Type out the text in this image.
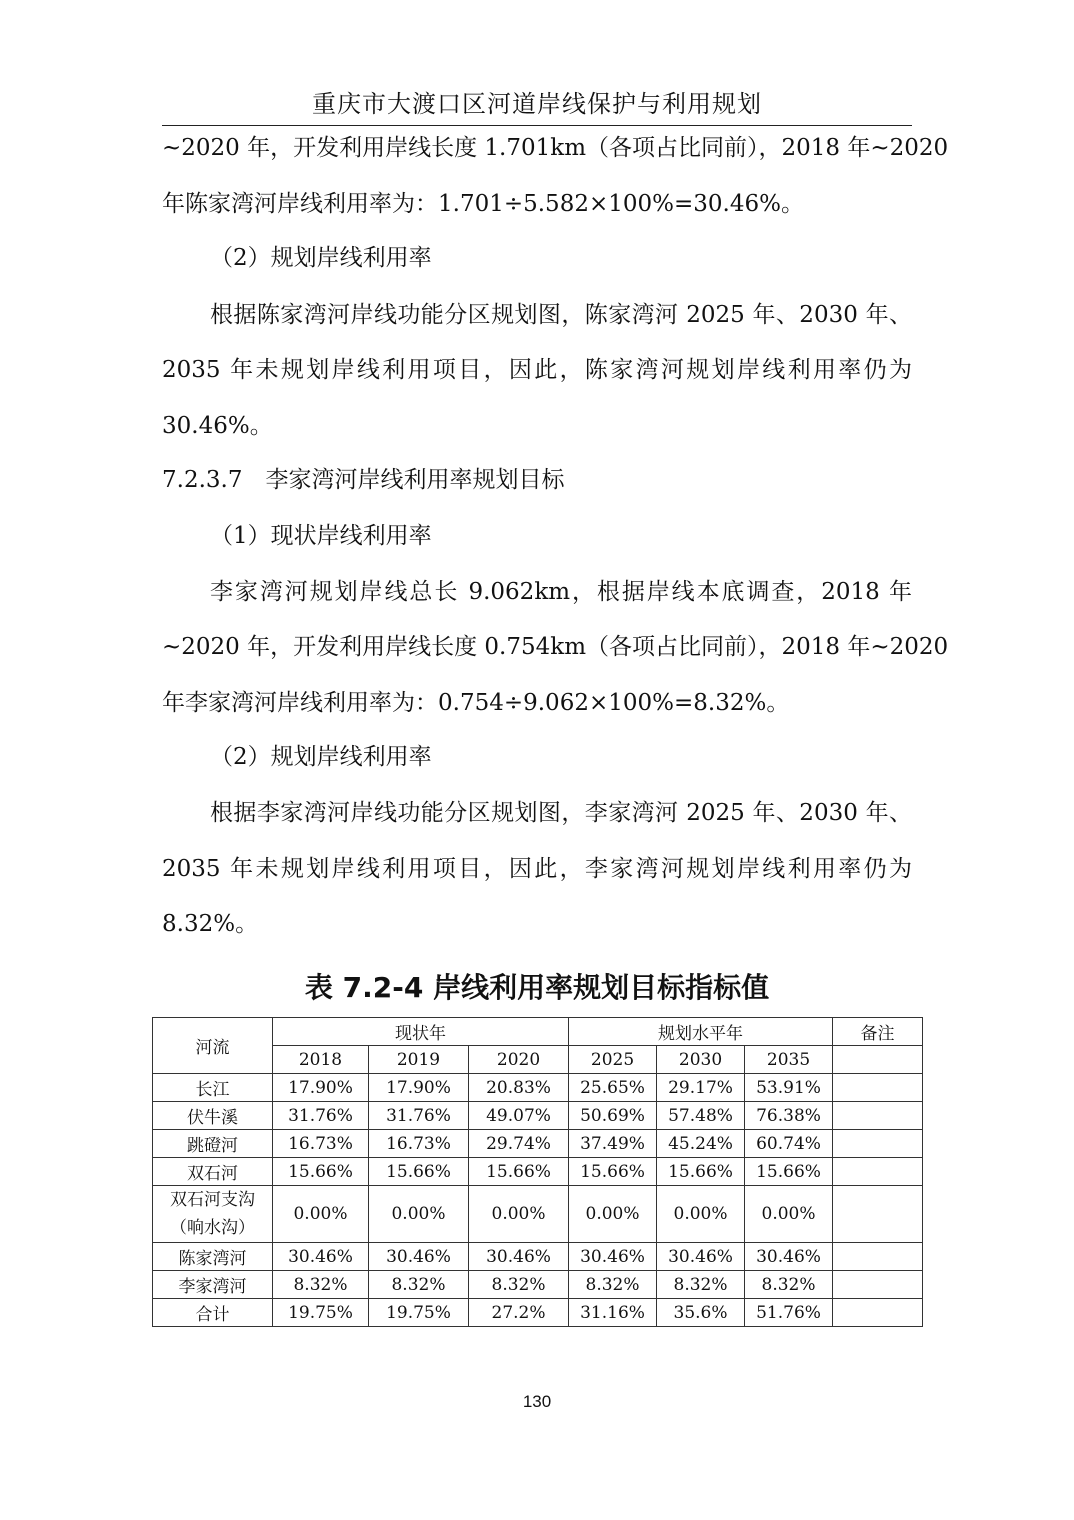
重庆市大渡口区河道岸线保护与利用规划
~2020 年，开发利用岸线长度 1.701km（各项占比同前），2018 年~2020
年陈家湾河岸线利用率为：1.701÷5.582×100%=30.46%。
（2）规划岸线利用率
根据陈家湾河岸线功能分区规划图，陈家湾河 2025 年、2030 年、
2035 年未规划岸线利用项目，因此，陈家湾河规划岸线利用率仍为
30.46%。
7.2.3.7　李家湾河岸线利用率规划目标
（1）现状岸线利用率
李家湾河规划岸线总长 9.062km，根据岸线本底调查，2018 年
~2020 年，开发利用岸线长度 0.754km（各项占比同前），2018 年~2020
年李家湾河岸线利用率为：0.754÷9.062×100%=8.32%。
（2）规划岸线利用率
根据李家湾河岸线功能分区规划图，李家湾河 2025 年、2030 年、
2035 年未规划岸线利用项目，因此，李家湾河规划岸线利用率仍为
8.32%。
表 7.2-4 岸线利用率规划目标指标值
河流	现状年			规划水平年			备注
	2018	2019	2020	2025	2030	2035	
长江	17.90%	17.90%	20.83%	25.65%	29.17%	53.91%	
伏牛溪	31.76%	31.76%	49.07%	50.69%	57.48%	76.38%	
跳磴河	16.73%	16.73%	29.74%	37.49%	45.24%	60.74%	
双石河	15.66%	15.66%	15.66%	15.66%	15.66%	15.66%	

双石河支沟
（响水沟）	0.00%	0.00%	0.00%	0.00%	0.00%	0.00%	
陈家湾河	30.46%	30.46%	30.46%	30.46%	30.46%	30.46%	
李家湾河	8.32%	8.32%	8.32%	8.32%	8.32%	8.32%	
合计	19.75%	19.75%	27.2%	31.16%	35.6%	51.76%	
130
